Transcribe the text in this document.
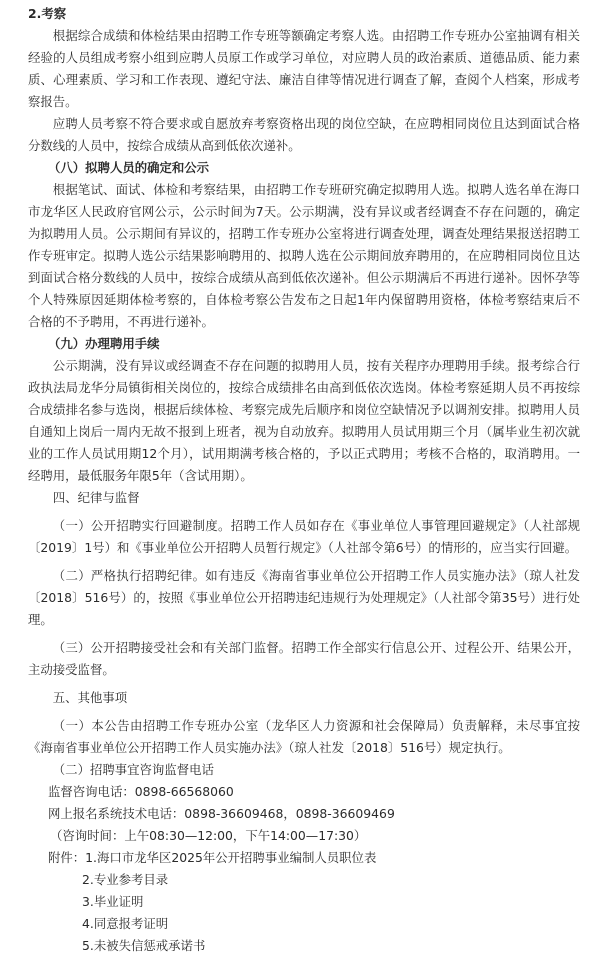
2.考察

根据综合成绩和体检结果由招聘工作专班等额确定考察人选。由招聘工作专班办公室抽调有相关经验的人员组成考察小组到应聘人员原工作或学习单位，对应聘人员的政治素质、道德品质、能力素质、心理素质、学习和工作表现、遵纪守法、廉洁自律等情况进行调查了解，查阅个人档案，形成考察报告。

应聘人员考察不符合要求或自愿放弃考察资格出现的岗位空缺，在应聘相同岗位且达到面试合格分数线的人员中，按综合成绩从高到低依次递补。

（八）拟聘人员的确定和公示

根据笔试、面试、体检和考察结果，由招聘工作专班研究确定拟聘用人选。拟聘人选名单在海口市龙华区人民政府官网公示，公示时间为7天。公示期满，没有异议或者经调查不存在问题的，确定为拟聘用人员。公示期间有异议的，招聘工作专班办公室将进行调查处理，调查处理结果报送招聘工作专班审定。拟聘人选公示结果影响聘用的、拟聘人选在公示期间放弃聘用的，在应聘相同岗位且达到面试合格分数线的人员中，按综合成绩从高到低依次递补。但公示期满后不再进行递补。因怀孕等个人特殊原因延期体检考察的，自体检考察公告发布之日起1年内保留聘用资格，体检考察结束后不合格的不予聘用，不再进行递补。

（九）办理聘用手续

公示期满，没有异议或经调查不存在问题的拟聘用人员，按有关程序办理聘用手续。报考综合行政执法局龙华分局镇街相关岗位的，按综合成绩排名由高到低依次选岗。体检考察延期人员不再按综合成绩排名参与选岗，根据后续体检、考察完成先后顺序和岗位空缺情况予以调剂安排。拟聘用人员自通知上岗后一周内无故不报到上班者，视为自动放弃。拟聘用人员试用期三个月（属毕业生初次就业的工作人员试用期12个月），试用期满考核合格的，予以正式聘用；考核不合格的，取消聘用。一经聘用，最低服务年限5年（含试用期）。

四、纪律与监督

（一）公开招聘实行回避制度。招聘工作人员如存在《事业单位人事管理回避规定》（人社部规〔2019〕1号）和《事业单位公开招聘人员暂行规定》（人社部令第6号）的情形的，应当实行回避。

（二）严格执行招聘纪律。如有违反《海南省事业单位公开招聘工作人员实施办法》（琼人社发〔2018〕516号）的，按照《事业单位公开招聘违纪违规行为处理规定》（人社部令第35号）进行处理。

（三）公开招聘接受社会和有关部门监督。招聘工作全部实行信息公开、过程公开、结果公开，主动接受监督。

五、其他事项

（一）本公告由招聘工作专班办公室（龙华区人力资源和社会保障局）负责解释，未尽事宜按《海南省事业单位公开招聘工作人员实施办法》（琼人社发〔2018〕516号）规定执行。

（二）招聘事宜咨询监督电话

监督咨询电话：0898-66568060

网上报名系统技术电话：0898-36609468，0898-36609469

（咨询时间：上午08:30—12:00，下午14:00—17:30）

附件：1.海口市龙华区2025年公开招聘事业编制人员职位表

2.专业参考目录

3.毕业证明

4.同意报考证明

5.未被失信惩戒承诺书
